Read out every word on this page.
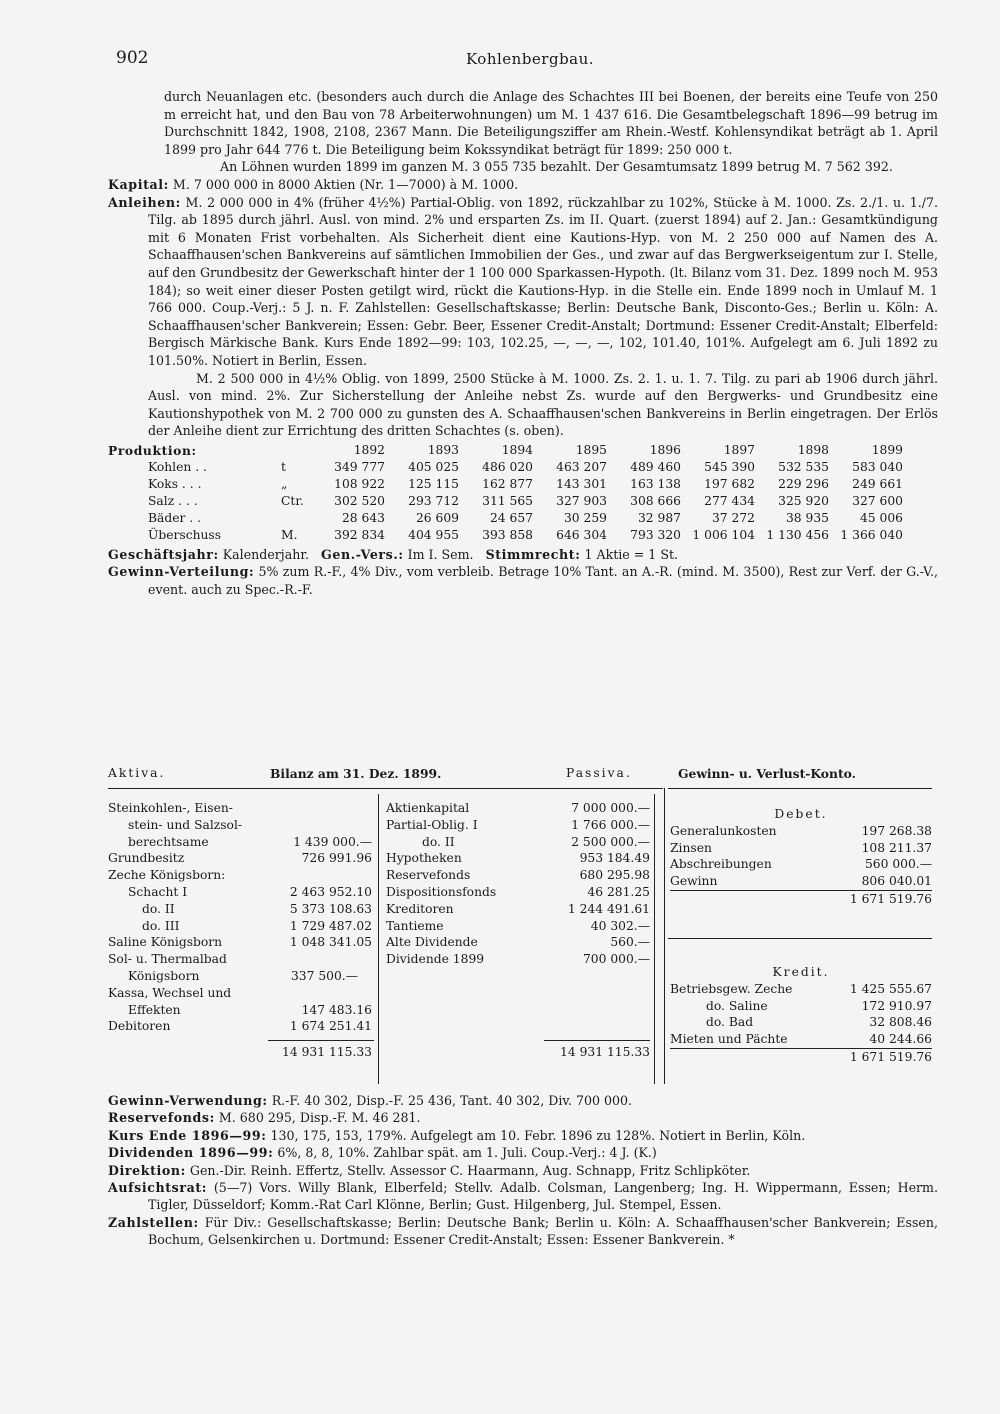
902	Kohlenbergbau.

durch Neuanlagen etc. (besonders auch durch die Anlage des Schachtes III bei Boenen, der bereits eine Teufe von 250 m erreicht hat, und den Bau von 78 Arbeiterwohnungen) um M. 1 437 616. Die Gesamtbelegschaft 1896—99 betrug im Durchschnitt 1842, 1908, 2108, 2367 Mann. Die Beteiligungsziffer am Rhein.-Westf. Kohlensyndikat beträgt ab 1. April 1899 pro Jahr 644 776 t. Die Beteiligung beim Kokssyndikat beträgt für 1899: 250 000 t.

An Löhnen wurden 1899 im ganzen M. 3 055 735 bezahlt. Der Gesamtumsatz 1899 betrug M. 7 562 392.

Kapital: M. 7 000 000 in 8000 Aktien (Nr. 1—7000) à M. 1000.

Anleihen: M. 2 000 000 in 4% (früher 4½%) Partial-Oblig. von 1892, rückzahlbar zu 102%, Stücke à M. 1000. Zs. 2./1. u. 1./7. Tilg. ab 1895 durch jährl. Ausl. von mind. 2% und ersparten Zs. im II. Quart. (zuerst 1894) auf 2. Jan.: Gesamtkündigung mit 6 Monaten Frist vorbehalten. Als Sicherheit dient eine Kautions-Hyp. von M. 2 250 000 auf Namen des A. Schaaffhausen'schen Bankvereins auf sämtlichen Immobilien der Ges., und zwar auf das Bergwerkseigentum zur I. Stelle, auf den Grundbesitz der Gewerkschaft hinter der 1 100 000 Sparkassen-Hypoth. (lt. Bilanz vom 31. Dez. 1899 noch M. 953 184); so weit einer dieser Posten getilgt wird, rückt die Kautions-Hyp. in die Stelle ein. Ende 1899 noch in Umlauf M. 1 766 000. Coup.-Verj.: 5 J. n. F. Zahlstellen: Gesellschaftskasse; Berlin: Deutsche Bank, Disconto-Ges.; Berlin u. Köln: A. Schaaffhausen'scher Bankverein; Essen: Gebr. Beer, Essener Credit-Anstalt; Dortmund: Essener Credit-Anstalt; Elberfeld: Bergisch Märkische Bank. Kurs Ende 1892—99: 103, 102.25, —, —, —, 102, 101.40, 101%. Aufgelegt am 6. Juli 1892 zu 101.50%. Notiert in Berlin, Essen.

M. 2 500 000 in 4½% Oblig. von 1899, 2500 Stücke à M. 1000. Zs. 2. 1. u. 1. 7. Tilg. zu pari ab 1906 durch jährl. Ausl. von mind. 2%. Zur Sicherstellung der Anleihe nebst Zs. wurde auf den Bergwerks- und Grundbesitz eine Kautionshypothek von M. 2 700 000 zu gunsten des A. Schaaffhausen'schen Bankvereins in Berlin eingetragen. Der Erlös der Anleihe dient zur Errichtung des dritten Schachtes (s. oben).

Produktion:		1892	1893	1894	1895	1896	1897	1898	1899
Kohlen . .	t	349 777	405 025	486 020	463 207	489 460	545 390	532 535	583 040
Koks . . .	„	108 922	125 115	162 877	143 301	163 138	197 682	229 296	249 661
Salz . . .	Ctr.	302 520	293 712	311 565	327 903	308 666	277 434	325 920	327 600
Bäder . .		28 643	26 609	24 657	30 259	32 987	37 272	38 935	45 006
Überschuss	M.	392 834	404 955	393 858	646 304	793 320	1 006 104	1 130 456	1 366 040

Geschäftsjahr: Kalenderjahr. Gen.-Vers.: Im I. Sem. Stimmrecht: 1 Aktie = 1 St.

Gewinn-Verteilung: 5% zum R.-F., 4% Div., vom verbleib. Betrage 10% Tant. an A.-R. (mind. M. 3500), Rest zur Verf. der G.-V., event. auch zu Spec.-R.-F.

Aktiva.	Bilanz am 31. Dez. 1899.	Passiva.	Gewinn- u. Verlust-Konto.
Steinkohlen-, Eisen-
stein- und Salzsol-
berechtsame	1 439 000.—
Grundbesitz	726 991.96
Zeche Königsborn:
Schacht I	2 463 952.10
do. II	5 373 108.63
do. III	1 729 487.02
Saline Königsborn	1 048 341.05
Sol- u. Thermalbad
Königsborn	337 500.—
Kassa, Wechsel und
Effekten	147 483.16
Debitoren	1 674 251.41
14 931 115.33
Aktienkapital	7 000 000.—
Partial-Oblig. I	1 766 000.—
do. II	2 500 000.—
Hypotheken	953 184.49
Reservefonds	680 295.98
Dispositionsfonds	46 281.25
Kreditoren	1 244 491.61
Tantieme	40 302.—
Alte Dividende	560.—
Dividende 1899	700 000.—
14 931 115.33
Debet.
Generalunkosten	197 268.38
Zinsen	108 211.37
Abschreibungen	560 000.—
Gewinn	806 040.01
1 671 519.76
Kredit.
Betriebsgew. Zeche	1 425 555.67
do. Saline	172 910.97
do. Bad	32 808.46
Mieten und Pächte	40 244.66
1 671 519.76

Gewinn-Verwendung: R.-F. 40 302, Disp.-F. 25 436, Tant. 40 302, Div. 700 000.

Reservefonds: M. 680 295, Disp.-F. M. 46 281.

Kurs Ende 1896—99: 130, 175, 153, 179%. Aufgelegt am 10. Febr. 1896 zu 128%. Notiert in Berlin, Köln.

Dividenden 1896—99: 6%, 8, 8, 10%. Zahlbar spät. am 1. Juli. Coup.-Verj.: 4 J. (K.)

Direktion: Gen.-Dir. Reinh. Effertz, Stellv. Assessor C. Haarmann, Aug. Schnapp, Fritz Schlipköter.

Aufsichtsrat: (5—7) Vors. Willy Blank, Elberfeld; Stellv. Adalb. Colsman, Langenberg; Ing. H. Wippermann, Essen; Herm. Tigler, Düsseldorf; Komm.-Rat Carl Klönne, Berlin; Gust. Hilgenberg, Jul. Stempel, Essen.

Zahlstellen: Für Div.: Gesellschaftskasse; Berlin: Deutsche Bank; Berlin u. Köln: A. Schaaffhausen'scher Bankverein; Essen, Bochum, Gelsenkirchen u. Dortmund: Essener Credit-Anstalt; Essen: Essener Bankverein. *
